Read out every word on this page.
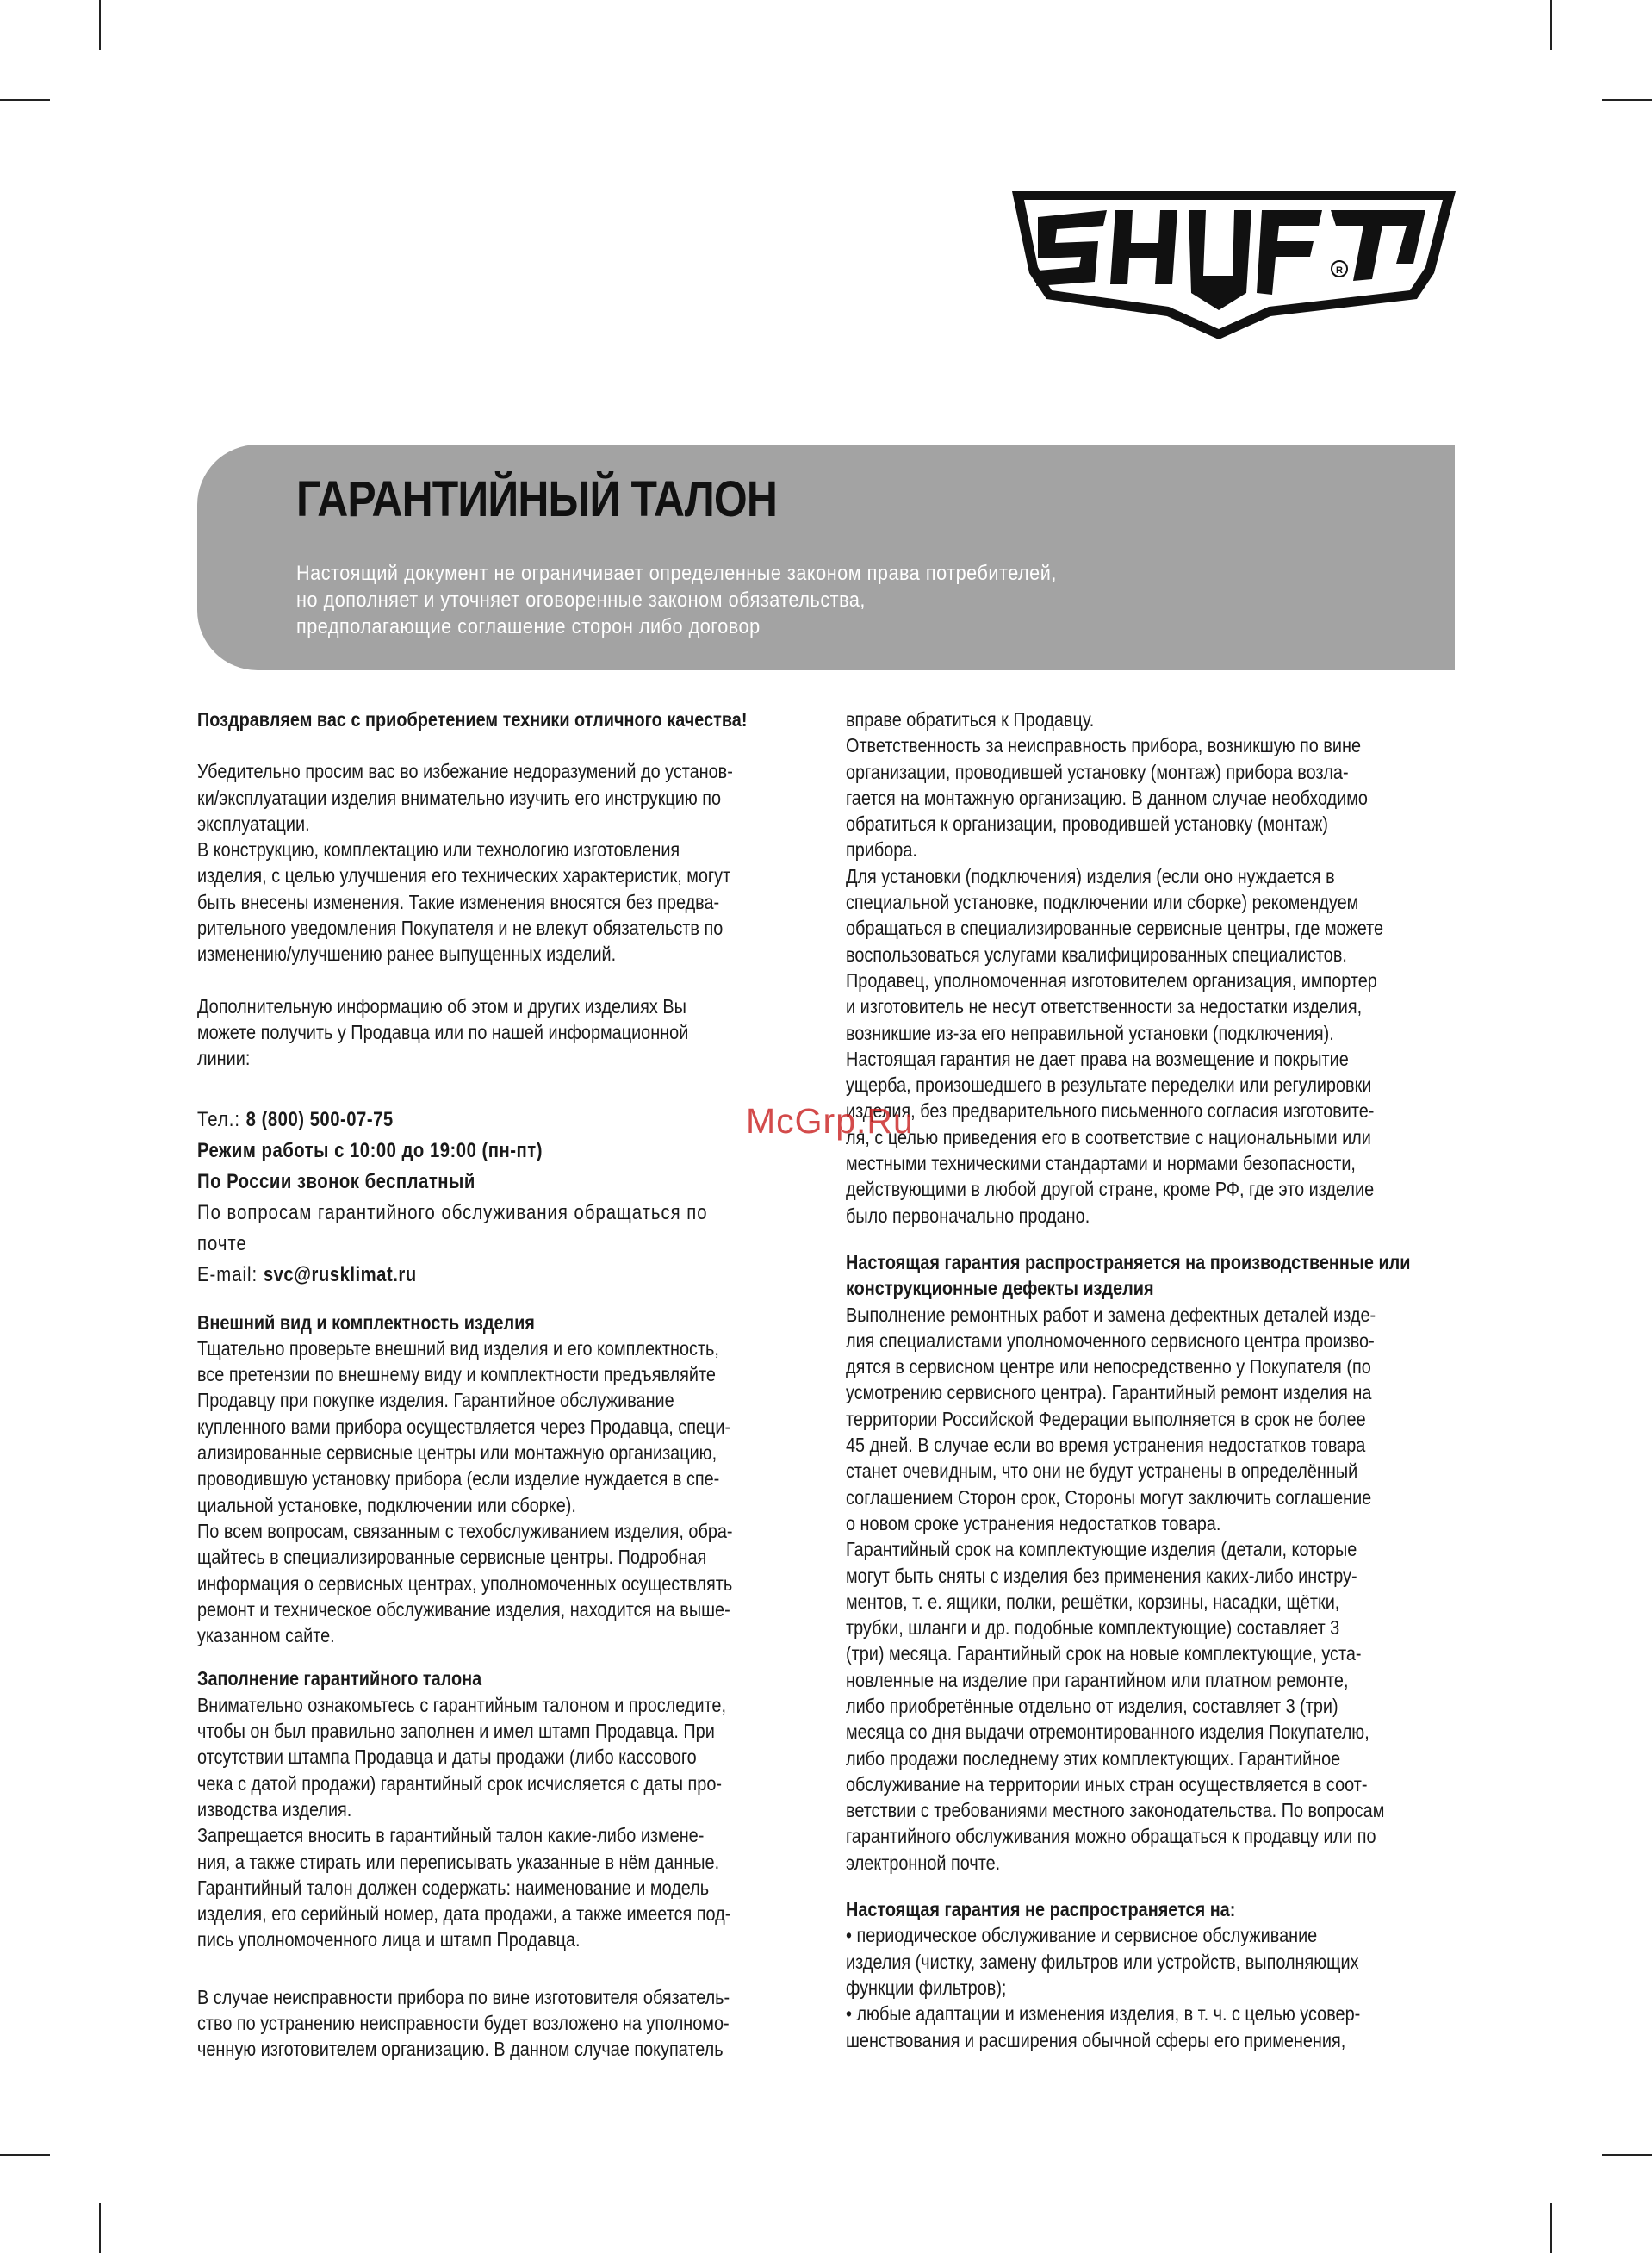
R
ГАРАНТИЙНЫЙ ТАЛОН
Настоящий документ не ограничивает определенные законом права потребителей,
но дополняет и уточняет оговоренные законом обязательства,
предполагающие соглашение сторон либо договор

Поздравляем вас с приобретением техники отличного качества!

Убедительно просим вас во избежание недоразумений до установ-

ки/эксплуатации изделия внимательно изучить его инструкцию по

эксплуатации.

В конструкцию, комплектацию или технологию изготовления

изделия, с целью улучшения его технических характеристик, могут

быть внесены изменения. Такие изменения вносятся без предва-

рительного уведомления Покупателя и не влекут обязательств по

изменению/улучшению ранее выпущенных изделий.

Дополнительную информацию об этом и других изделиях Вы

можете получить у Продавца или по нашей информационной

линии:

Тел.: 8 (800) 500-07-75

Режим работы с 10:00 до 19:00 (пн-пт)

По России звонок бесплатный

По вопросам гарантийного обслуживания обращаться по

почте

E-mail: svc@rusklimat.ru

Внешний вид и комплектность изделия

Тщательно проверьте внешний вид изделия и его комплектность,

все претензии по внешнему виду и комплектности предъявляйте

Продавцу при покупке изделия. Гарантийное обслуживание

купленного вами прибора осуществляется через Продавца, специ-

ализированные сервисные центры или монтажную организацию,

проводившую установку прибора (если изделие нуждается в спе-

циальной установке, подключении или сборке).

По всем вопросам, связанным с техобслуживанием изделия, обра-

щайтесь в специализированные сервисные центры. Подробная

информация о сервисных центрах, уполномоченных осуществлять

ремонт и техническое обслуживание изделия, находится на выше-

указанном сайте.

Заполнение гарантийного талона

Внимательно ознакомьтесь с гарантийным талоном и проследите,

чтобы он был правильно заполнен и имел штамп Продавца. При

отсутствии штампа Продавца и даты продажи (либо кассового

чека с датой продажи) гарантийный срок исчисляется с даты про-

изводства изделия.

Запрещается вносить в гарантийный талон какие-либо измене-

ния, а также стирать или переписывать указанные в нём данные.

Гарантийный талон должен содержать: наименование и модель

изделия, его серийный номер, дата продажи, а также имеется под-

пись уполномоченного лица и штамп Продавца.

В случае неисправности прибора по вине изготовителя обязатель-

ство по устранению неисправности будет возложено на уполномо-

ченную изготовителем организацию. В данном случае покупатель

вправе обратиться к Продавцу.

Ответственность за неисправность прибора, возникшую по вине

организации, проводившей установку (монтаж) прибора возла-

гается на монтажную организацию. В данном случае необходимо

обратиться к организации, проводившей установку (монтаж)

прибора.

Для установки (подключения) изделия (если оно нуждается в

специальной установке, подключении или сборке) рекомендуем

обращаться в специализированные сервисные центры, где можете

воспользоваться услугами квалифицированных специалистов.

Продавец, уполномоченная изготовителем организация, импортер

и изготовитель не несут ответственности за недостатки изделия,

возникшие из-за его неправильной установки (подключения).

Настоящая гарантия не дает права на возмещение и покрытие

ущерба, произошедшего в результате переделки или регулировки

изделия, без предварительного письменного согласия изготовите-

ля, с целью приведения его в соответствие с национальными или

местными техническими стандартами и нормами безопасности,

действующими в любой другой стране, кроме РФ, где это изделие

было первоначально продано.

Настоящая гарантия распространяется на производственные или

конструкционные дефекты изделия

Выполнение ремонтных работ и замена дефектных деталей изде-

лия специалистами уполномоченного сервисного центра произво-

дятся в сервисном центре или непосредственно у Покупателя (по

усмотрению сервисного центра). Гарантийный ремонт изделия на

территории Российской Федерации выполняется в срок не более

45 дней. В случае если во время устранения недостатков товара

станет очевидным, что они не будут устранены в определённый

соглашением Сторон срок, Стороны могут заключить соглашение

о новом сроке устранения недостатков товара.

Гарантийный срок на комплектующие изделия (детали, которые

могут быть сняты с изделия без применения каких-либо инстру-

ментов, т. е. ящики, полки, решётки, корзины, насадки, щётки,

трубки, шланги и др. подобные комплектующие) составляет 3

(три) месяца. Гарантийный срок на новые комплектующие, уста-

новленные на изделие при гарантийном или платном ремонте,

либо приобретённые отдельно от изделия, составляет 3 (три)

месяца со дня выдачи отремонтированного изделия Покупателю,

либо продажи последнему этих комплектующих. Гарантийное

обслуживание на территории иных стран осуществляется в соот-

ветствии с требованиями местного законодательства. По вопросам

гарантийного обслуживания можно обращаться к продавцу или по

электронной почте.

Настоящая гарантия не распространяется на:

• периодическое обслуживание и сервисное обслуживание

изделия (чистку, замену фильтров или устройств, выполняющих

функции фильтров);

• любые адаптации и изменения изделия, в т. ч. с целью усовер-

шенствования и расширения обычной сферы его применения,

McGrp.Ru
